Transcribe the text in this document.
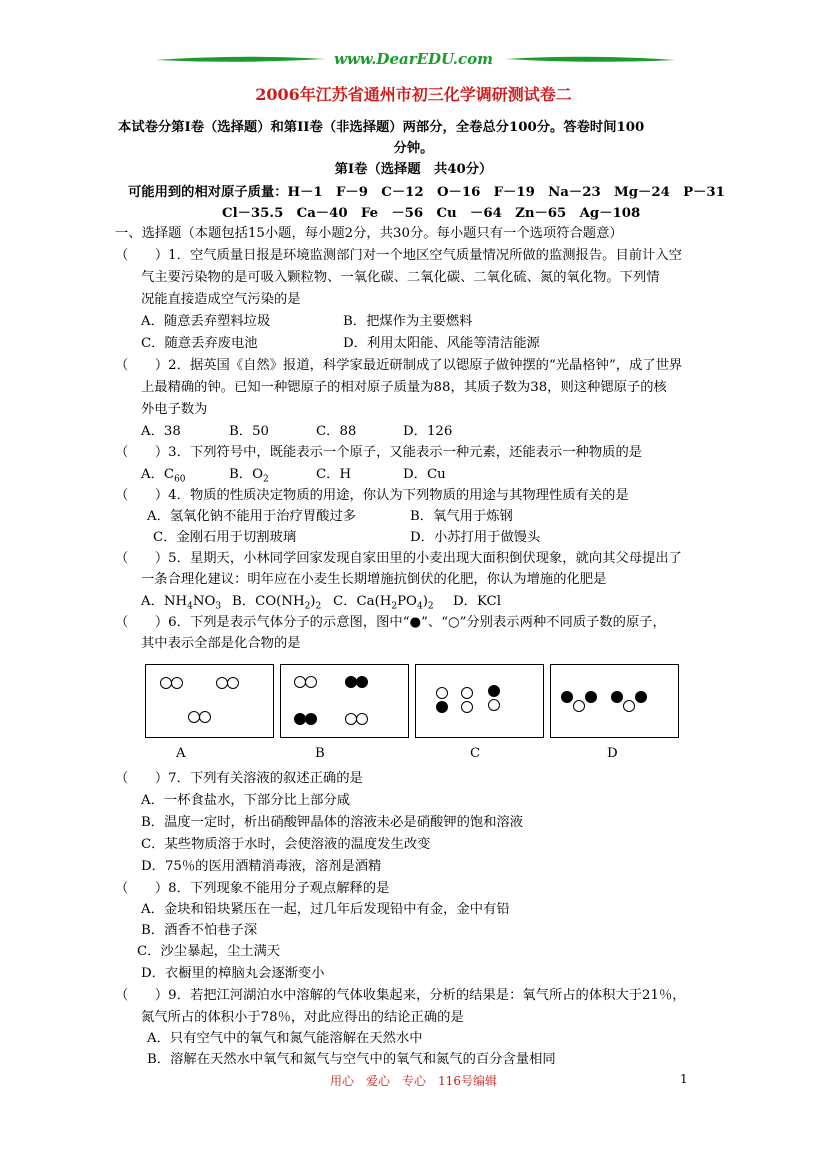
www.DearEDU.com
2006年江苏省通州市初三化学调研测试卷二
本试卷分第Ⅰ卷（选择题）和第II卷（非选择题）两部分，全卷总分100分。答卷时间100
分钟。
第Ⅰ卷（选择题　共40分）
可能用到的相对原子质量：H－1　F－9　C－12　O－16　F－19　Na－23　Mg－24　P－31
Cl－35.5　Ca－40　Fe　－56　Cu　－64　Zn－65　Ag－108
一、选择题（本题包括15小题，每小题2分，共30分。每小题只有一个选项符合题意）
（　　）1．空气质量日报是环境监测部门对一个地区空气质量情况所做的监测报告。目前计入空
气主要污染物的是可吸入颗粒物、一氧化碳、二氧化碳、二氧化硫、氮的氧化物。下列情
况能直接造成空气污染的是
A．随意丢弃塑料垃圾	B．把煤作为主要燃料
C．随意丢弃废电池	D．利用太阳能、风能等清洁能源
（　　）2．据英国《自然》报道，科学家最近研制成了以锶原子做钟摆的“光晶格钟”，成了世界
上最精确的钟。已知一种锶原子的相对原子质量为88，其质子数为38，则这种锶原子的核
外电子数为
A．38	B．50	C．88	D．126
（　　）3．下列符号中，既能表示一个原子，又能表示一种元素，还能表示一种物质的是
A．$C_{60}$	B．$O_2$	C．H	D．Cu
（　　）4．物质的性质决定物质的用途，你认为下列物质的用途与其物理性质有关的是
A．氢氧化钠不能用于治疗胃酸过多	B．氧气用于炼钢
C．金刚石用于切割玻璃	D．小苏打用于做馒头
（　　）5．星期天，小林同学回家发现自家田里的小麦出现大面积倒伏现象，就向其父母提出了
一条合理化建议：明年应在小麦生长期增施抗倒伏的化肥，你认为增施的化肥是
A．$NH_4NO_3$ B．$CO(NH_2)_2$ C．$Ca(H_2PO_4)_2$ D．KCl
（　　）6．下列是表示气体分子的示意图，图中“●”、“○”分别表示两种不同质子数的原子，
其中表示全部是化合物的是
A	B	C	D
（　　）7．下列有关溶液的叙述正确的是
A．一杯食盐水，下部分比上部分咸
B．温度一定时，析出硝酸钾晶体的溶液未必是硝酸钾的饱和溶液
C．某些物质溶于水时，会使溶液的温度发生改变
D．75％的医用酒精消毒液，溶剂是酒精
（　　）8．下列现象不能用分子观点解释的是
A．金块和铅块紧压在一起，过几年后发现铅中有金，金中有铅
B．酒香不怕巷子深
C．沙尘暴起，尘土满天
D．衣橱里的樟脑丸会逐渐变小
（　　）9．若把江河湖泊水中溶解的气体收集起来，分析的结果是：氧气所占的体积大于21％，
氮气所占的体积小于78％，对此应得出的结论正确的是
A．只有空气中的氧气和氮气能溶解在天然水中
B．溶解在天然水中氧气和氮气与空气中的氧气和氮气的百分含量相同
用心　爱心　专心　116号编辑	1
